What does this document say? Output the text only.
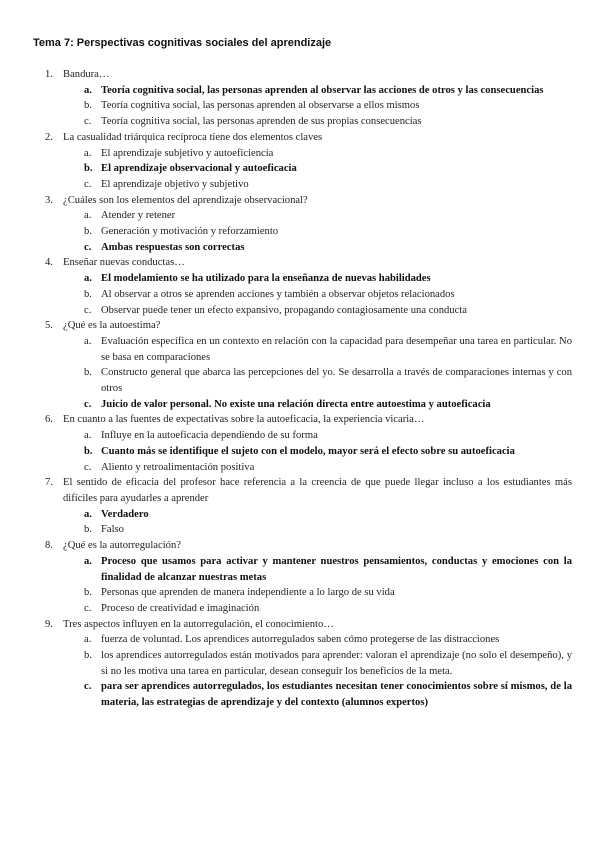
Tema 7: Perspectivas cognitivas sociales del aprendizaje
1. Bandura…
a. Teoría cognitiva social, las personas aprenden al observar las acciones de otros y las consecuencias
b. Teoría cognitiva social, las personas aprenden al observarse a ellos mismos
c. Teoría cognitiva social, las personas aprenden de sus propias consecuencias
2. La casualidad triárquica recíproca tiene dos elementos claves
a. El aprendizaje subjetivo y autoeficiencia
b. El aprendizaje observacional y autoeficacia
c. El aprendizaje objetivo y subjetivo
3. ¿Cuáles son los elementos del aprendizaje observacional?
a. Atender y retener
b. Generación y motivación y reforzamiento
c. Ambas respuestas son correctas
4. Enseñar nuevas conductas…
a. El modelamiento se ha utilizado para la enseñanza de nuevas habilidades
b. Al observar a otros se aprenden acciones y también a observar objetos relacionados
c. Observar puede tener un efecto expansivo, propagando contagiosamente una conducta
5. ¿Qué es la autoestima?
a. Evaluación específica en un contexto en relación con la capacidad para desempeñar una tarea en particular. No se basa en comparaciones
b. Constructo general que abarca las percepciones del yo. Se desarrolla a través de comparaciones internas y con otros
c. Juicio de valor personal. No existe una relación directa entre autoestima y autoeficacia
6. En cuanto a las fuentes de expectativas sobre la autoeficacia, la experiencia vicaria…
a. Influye en la autoeficacia dependiendo de su forma
b. Cuanto más se identifique el sujeto con el modelo, mayor será el efecto sobre su autoeficacia
c. Aliento y retroalimentación positiva
7. El sentido de eficacia del profesor hace referencia a la creencia de que puede llegar incluso a los estudiantes más difíciles para ayudarles a aprender
a. Verdadero
b. Falso
8. ¿Qué es la autorregulación?
a. Proceso que usamos para activar y mantener nuestros pensamientos, conductas y emociones con la finalidad de alcanzar nuestras metas
b. Personas que aprenden de manera independiente a lo largo de su vida
c. Proceso de creatividad e imaginación
9. Tres aspectos influyen en la autorregulación, el conocimiento…
a. fuerza de voluntad. Los aprendices autorregulados saben cómo protegerse de las distracciones
b. los aprendices autorregulados están motivados para aprender: valoran el aprendizaje (no solo el desempeño), y si no les motiva una tarea en particular, desean conseguir los beneficios de la meta.
c. para ser aprendices autorregulados, los estudiantes necesitan tener conocimientos sobre sí mismos, de la materia, las estrategias de aprendizaje y del contexto (alumnos expertos)
